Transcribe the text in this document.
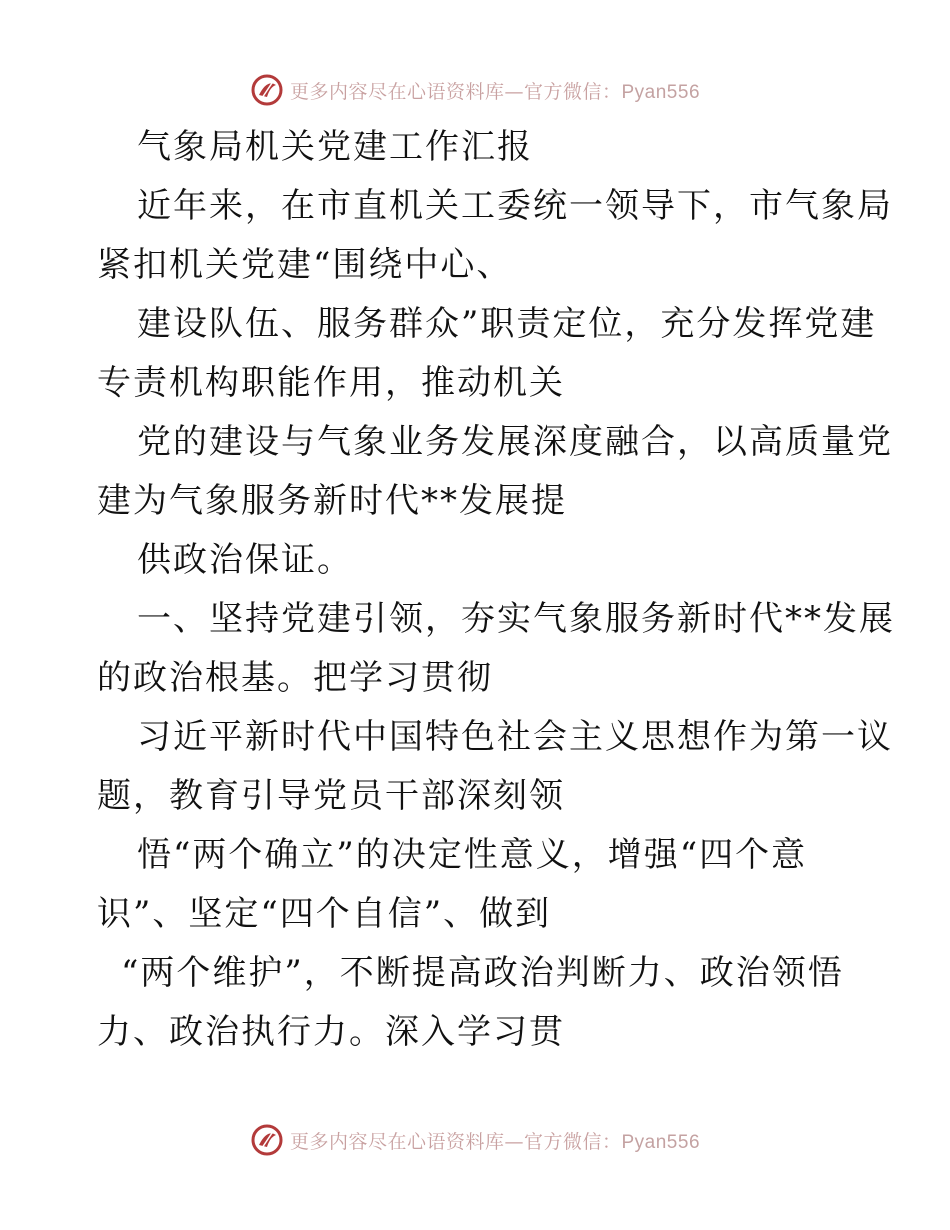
更多内容尽在心语资料库—官方微信：Pyan556
气象局机关党建工作汇报
近年来，在市直机关工委统一领导下，市气象局
紧扣机关党建“围绕中心、
建设队伍、服务群众”职责定位，充分发挥党建
专责机构职能作用，推动机关
党的建设与气象业务发展深度融合，以高质量党
建为气象服务新时代**发展提
供政治保证。
一、坚持党建引领，夯实气象服务新时代**发展
的政治根基。把学习贯彻
习近平新时代中国特色社会主义思想作为第一议
题，教育引导党员干部深刻领
悟“两个确立”的决定性意义，增强“四个意
识”、坚定“四个自信”、做到
“两个维护”，不断提高政治判断力、政治领悟
力、政治执行力。深入学习贯
更多内容尽在心语资料库—官方微信：Pyan556
